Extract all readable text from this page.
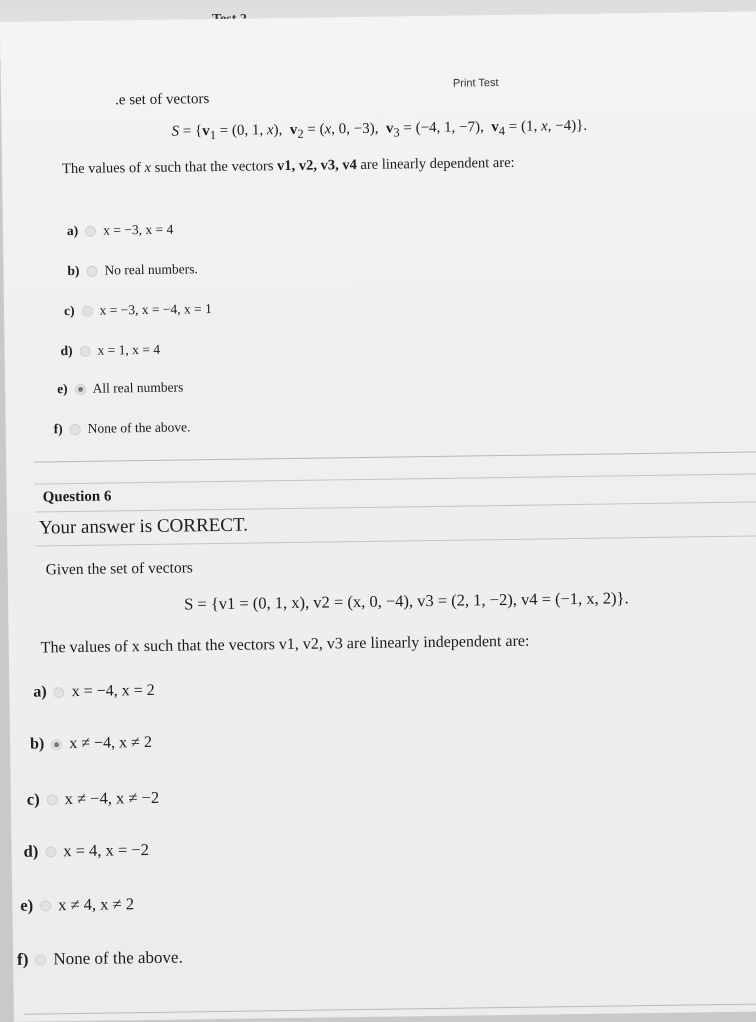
Print Test
.e set of vectors
$S = \{v_1 = (0$, 1, x),  $v_2 = (x$, 0, −3), $v_3 = (-4$, 1, −7), $v_4 = (1$, x, −4)}.
The values of x such that the vectors v1, v2, v3, v4 are linearly dependent are:
a) x = −3, x = 4
b) No real numbers.
c) x = −3, x = −4, x = 1
d) x = 1, x = 4
e) All real numbers
f) None of the above.
Question 6
Your answer is CORRECT.
Given the set of vectors
S = {v1 = (0, 1, x), v2 = (x, 0, −4), v3 = (2, 1, −2), v4 = (−1, x, 2)}.
The values of x such that the vectors v1, v2, v3 are linearly independent are:
a) x = −4, x = 2
b) x ≠ −4, x ≠ 2
c) x ≠ −4, x ≠ −2
d) x = 4, x = −2
e) x ≠ 4, x ≠ 2
f) None of the above.
